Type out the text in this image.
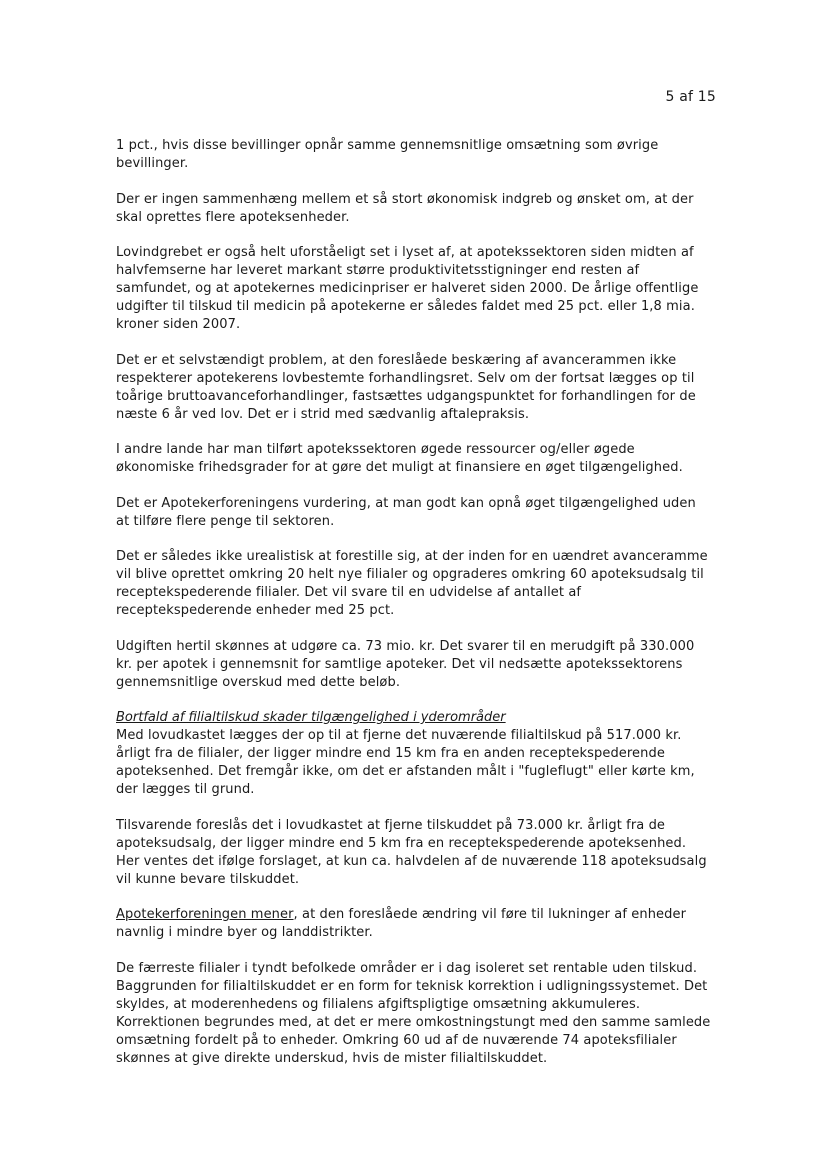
5 af 15

1 pct., hvis disse bevillinger opnår samme gennemsnitlige omsætning som øvrige bevillinger.

Der er ingen sammenhæng mellem et så stort økonomisk indgreb og ønsket om, at der skal oprettes flere apoteksenheder.

Lovindgrebet er også helt uforståeligt set i lyset af, at apotekssektoren siden midten af halvfemserne har leveret markant større produktivitetsstigninger end resten af samfundet, og at apotekernes medicinpriser er halveret siden 2000. De årlige offentlige udgifter til tilskud til medicin på apotekerne er således faldet med 25 pct. eller 1,8 mia. kroner siden 2007.

Det er et selvstændigt problem, at den foreslåede beskæring af avancerammen ikke respekterer apotekerens lovbestemte forhandlingsret. Selv om der fortsat lægges op til toårige bruttoavanceforhandlinger, fastsættes udgangspunktet for forhandlingen for de næste 6 år ved lov. Det er i strid med sædvanlig aftalepraksis.

I andre lande har man tilført apotekssektoren øgede ressourcer og/eller øgede økonomiske frihedsgrader for at gøre det muligt at finansiere en øget tilgængelighed.

Det er Apotekerforeningens vurdering, at man godt kan opnå øget tilgængelighed uden at tilføre flere penge til sektoren.

Det er således ikke urealistisk at forestille sig, at der inden for en uændret avanceramme vil blive oprettet omkring 20 helt nye filialer og opgraderes omkring 60 apoteksudsalg til receptekspederende filialer. Det vil svare til en udvidelse af antallet af receptekspederende enheder med 25 pct.

Udgiften hertil skønnes at udgøre ca. 73 mio. kr. Det svarer til en merudgift på 330.000 kr. per apotek i gennemsnit for samtlige apoteker. Det vil nedsætte apotekssektorens gennemsnitlige overskud med dette beløb.

Bortfald af filialtilskud skader tilgængelighed i yderområder

Med lovudkastet lægges der op til at fjerne det nuværende filialtilskud på 517.000 kr. årligt fra de filialer, der ligger mindre end 15 km fra en anden receptekspederende apoteksenhed. Det fremgår ikke, om det er afstanden målt i "fugleflugt" eller kørte km, der lægges til grund.

Tilsvarende foreslås det i lovudkastet at fjerne tilskuddet på 73.000 kr. årligt fra de apoteksudsalg, der ligger mindre end 5 km fra en receptekspederende apoteksenhed. Her ventes det ifølge forslaget, at kun ca. halvdelen af de nuværende 118 apoteksudsalg vil kunne bevare tilskuddet.

Apotekerforeningen mener, at den foreslåede ændring vil føre til lukninger af enheder navnlig i mindre byer og landdistrikter.

De færreste filialer i tyndt befolkede områder er i dag isoleret set rentable uden tilskud. Baggrunden for filialtilskuddet er en form for teknisk korrektion i udligningssystemet. Det skyldes, at moderenhedens og filialens afgiftspligtige omsætning akkumuleres. Korrektionen begrundes med, at det er mere omkostningstungt med den samme samlede omsætning fordelt på to enheder. Omkring 60 ud af de nuværende 74 apoteksfilialer skønnes at give direkte underskud, hvis de mister filialtilskuddet.
